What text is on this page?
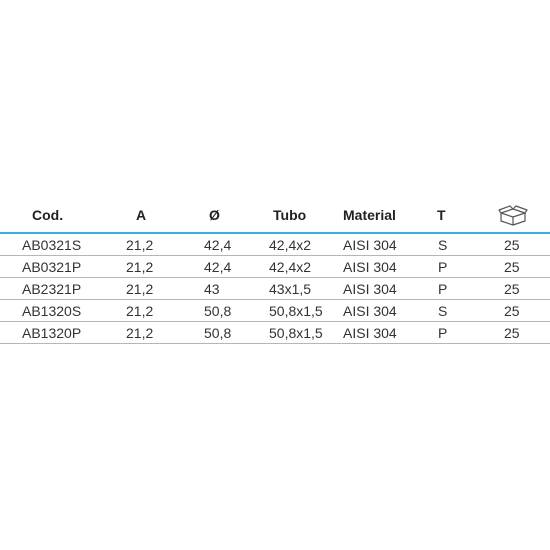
Cod.	A	Ø	Tubo	Material	T	
AB0321S	21,2	42,4	42,4x2	AISI 304	S	25
AB0321P	21,2	42,4	42,4x2	AISI 304	P	25
AB2321P	21,2	43	43x1,5	AISI 304	P	25
AB1320S	21,2	50,8	50,8x1,5	AISI 304	S	25
AB1320P	21,2	50,8	50,8x1,5	AISI 304	P	25
